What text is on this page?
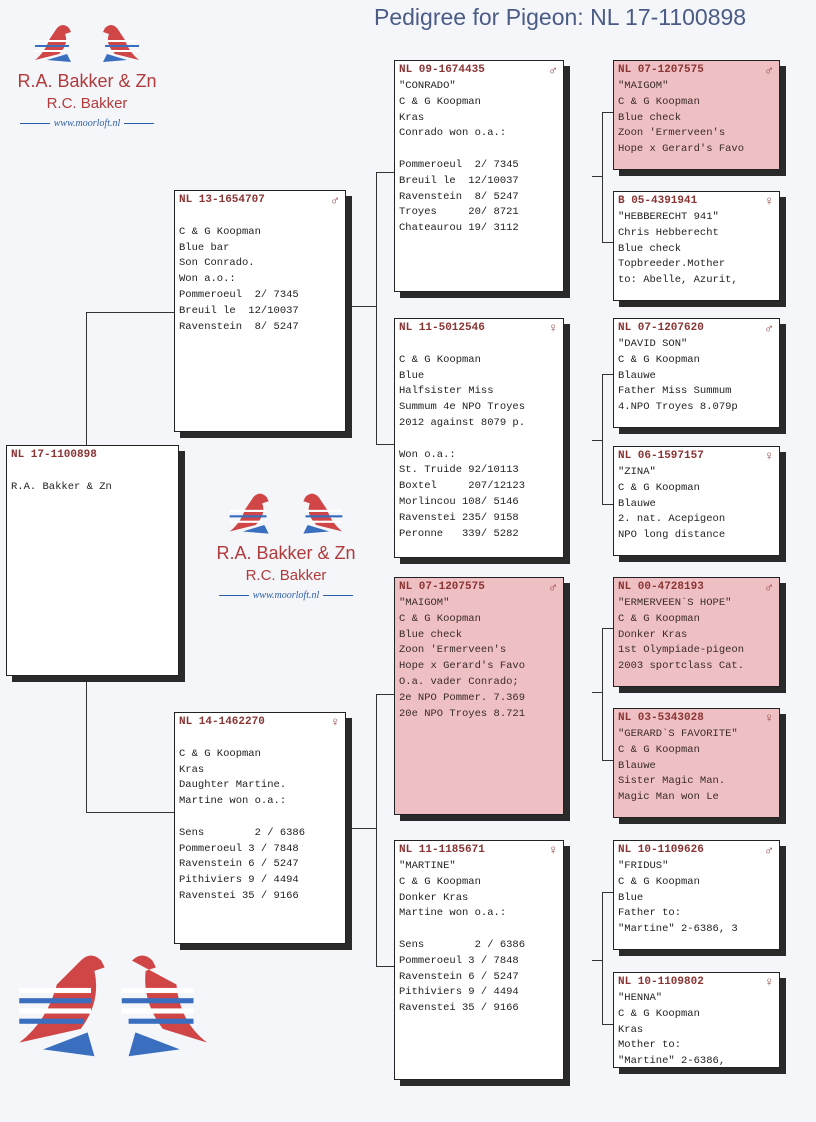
Pedigree for Pigeon: NL 17-1100898
R.A. Bakker & Zn
R.C. Bakker
www.moorloft.nl
R.A. Bakker & Zn
R.C. Bakker
www.moorloft.nl
NL 17-1100898
R.A. Bakker & Zn
NL 13-1654707	♂
C & G Koopman
Blue bar
Son Conrado.
Won a.o.:
Pommeroeul  2/ 7345
Breuil le  12/10037
Ravenstein  8/ 5247
NL 14-1462270	♀
C & G Koopman
Kras
Daughter Martine.
Martine won o.a.:
Sens        2 / 6386
Pommeroeul 3 / 7848
Ravenstein 6 / 5247
Pithiviers 9 / 4494
Ravenstei 35 / 9166
NL 09-1674435	♂
"CONRADO"
C & G Koopman
Kras
Conrado won o.a.:
Pommeroeul  2/ 7345
Breuil le  12/10037
Ravenstein  8/ 5247
Troyes     20/ 8721
Chateaurou 19/ 3112
NL 11-5012546	♀
C & G Koopman
Blue
Halfsister Miss
Summum 4e NPO Troyes
2012 against 8079 p.
Won o.a.:
St. Truide 92/10113
Boxtel     207/12123
Morlincou 108/ 5146
Ravenstei 235/ 9158
Peronne   339/ 5282
NL 07-1207575	♂
"MAIGOM"
C & G Koopman
Blue check
Zoon 'Ermerveen's
Hope x Gerard's Favo
O.a. vader Conrado;
2e NPO Pommer. 7.369
20e NPO Troyes 8.721
NL 11-1185671	♀
"MARTINE"
C & G Koopman
Donker Kras
Martine won o.a.:
Sens        2 / 6386
Pommeroeul 3 / 7848
Ravenstein 6 / 5247
Pithiviers 9 / 4494
Ravenstei 35 / 9166
NL 07-1207575	♂
"MAIGOM"
C & G Koopman
Blue check
Zoon 'Ermerveen's
Hope x Gerard's Favo
B 05-4391941	♀
"HEBBERECHT 941"
Chris Hebberecht
Blue check
Topbreeder.Mother
to: Abelle, Azurit,
NL 07-1207620	♂
"DAVID SON"
C & G Koopman
Blauwe
Father Miss Summum
4.NPO Troyes 8.079p
NL 06-1597157	♀
"ZINA"
C & G Koopman
Blauwe
2. nat. Acepigeon
NPO long distance
NL 00-4728193	♂
"ERMERVEEN`S HOPE"
C & G Koopman
Donker Kras
1st Olympiade-pigeon
2003 sportclass Cat.
NL 03-5343028	♀
"GERARD`S FAVORITE"
C & G Koopman
Blauwe
Sister Magic Man.
Magic Man won Le
NL 10-1109626	♂
"FRIDUS"
C & G Koopman
Blue
Father to:
"Martine" 2-6386, 3
NL 10-1109802	♀
"HENNA"
C & G Koopman
Kras
Mother to:
"Martine" 2-6386,
